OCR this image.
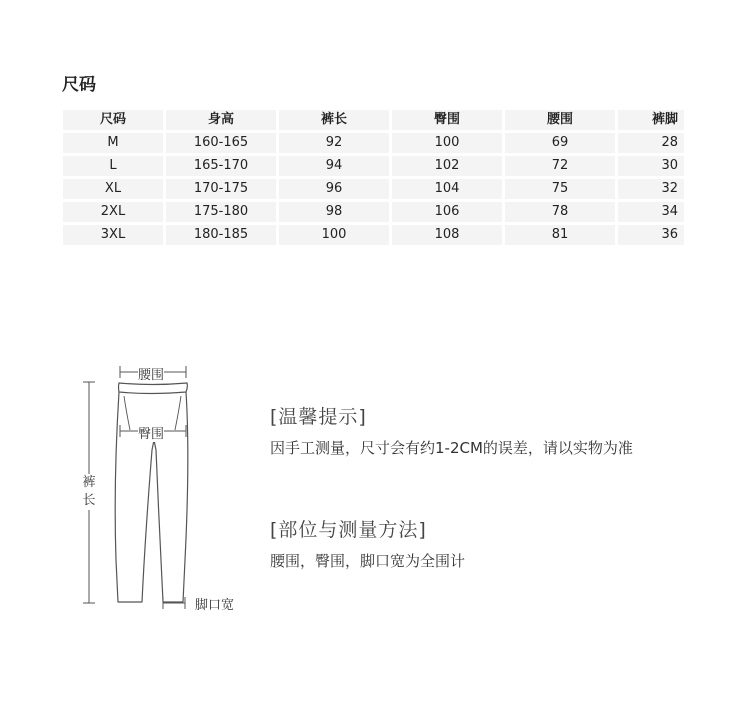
尺码
尺码	身高	裤长	臀围	腰围	裤脚
M	160-165	92	100	69	28
L	165-170	94	102	72	30
XL	170-175	96	104	75	32
2XL	175-180	98	106	78	34
3XL	180-185	100	108	81	36
腰围
臀围
裤
长
脚口宽
[温馨提示]

因手工测量，尺寸会有约1-2CM的误差，请以实物为准

[部位与测量方法]

腰围，臀围，脚口宽为全围计
